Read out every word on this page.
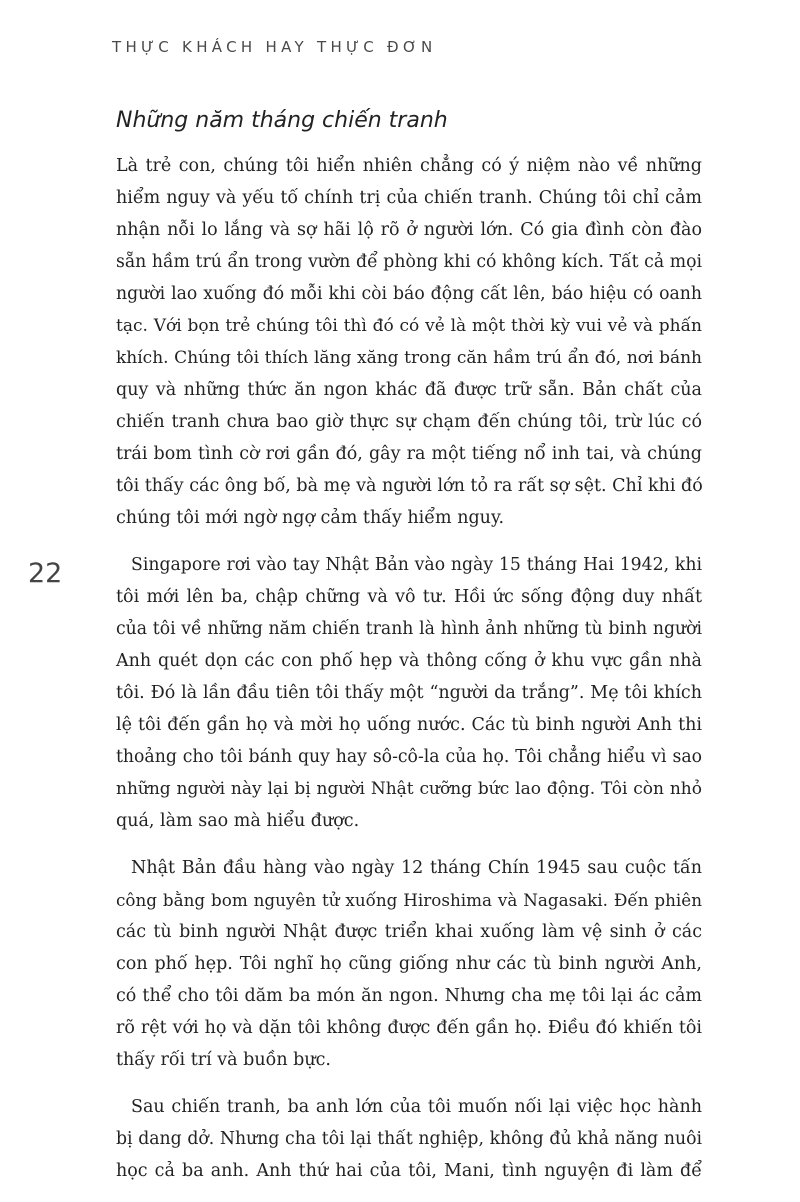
THỰC KHÁCH HAY THỰC ĐƠN
Những năm tháng chiến tranh
22
Là trẻ con, chúng tôi hiển nhiên chẳng có ý niệm nào về những
hiểm nguy và yếu tố chính trị của chiến tranh. Chúng tôi chỉ cảm
nhận nỗi lo lắng và sợ hãi lộ rõ ở người lớn. Có gia đình còn đào
sẵn hầm trú ẩn trong vườn để phòng khi có không kích. Tất cả mọi
người lao xuống đó mỗi khi còi báo động cất lên, báo hiệu có oanh
tạc. Với bọn trẻ chúng tôi thì đó có vẻ là một thời kỳ vui vẻ và phấn
khích. Chúng tôi thích lăng xăng trong căn hầm trú ẩn đó, nơi bánh
quy và những thức ăn ngon khác đã được trữ sẵn. Bản chất của
chiến tranh chưa bao giờ thực sự chạm đến chúng tôi, trừ lúc có
trái bom tình cờ rơi gần đó, gây ra một tiếng nổ inh tai, và chúng
tôi thấy các ông bố, bà mẹ và người lớn tỏ ra rất sợ sệt. Chỉ khi đó
chúng tôi mới ngờ ngợ cảm thấy hiểm nguy.
Singapore rơi vào tay Nhật Bản vào ngày 15 tháng Hai 1942, khi
tôi mới lên ba, chập chững và vô tư. Hồi ức sống động duy nhất
của tôi về những năm chiến tranh là hình ảnh những tù binh người
Anh quét dọn các con phố hẹp và thông cống ở khu vực gần nhà
tôi. Đó là lần đầu tiên tôi thấy một “người da trắng”. Mẹ tôi khích
lệ tôi đến gần họ và mời họ uống nước. Các tù binh người Anh thi
thoảng cho tôi bánh quy hay sô-cô-la của họ. Tôi chẳng hiểu vì sao
những người này lại bị người Nhật cưỡng bức lao động. Tôi còn nhỏ
quá, làm sao mà hiểu được.
Nhật Bản đầu hàng vào ngày 12 tháng Chín 1945 sau cuộc tấn
công bằng bom nguyên tử xuống Hiroshima và Nagasaki. Đến phiên
các tù binh người Nhật được triển khai xuống làm vệ sinh ở các
con phố hẹp. Tôi nghĩ họ cũng giống như các tù binh người Anh,
có thể cho tôi dăm ba món ăn ngon. Nhưng cha mẹ tôi lại ác cảm
rõ rệt với họ và dặn tôi không được đến gần họ. Điều đó khiến tôi
thấy rối trí và buồn bực.
Sau chiến tranh, ba anh lớn của tôi muốn nối lại việc học hành
bị dang dở. Nhưng cha tôi lại thất nghiệp, không đủ khả năng nuôi
học cả ba anh. Anh thứ hai của tôi, Mani, tình nguyện đi làm để
